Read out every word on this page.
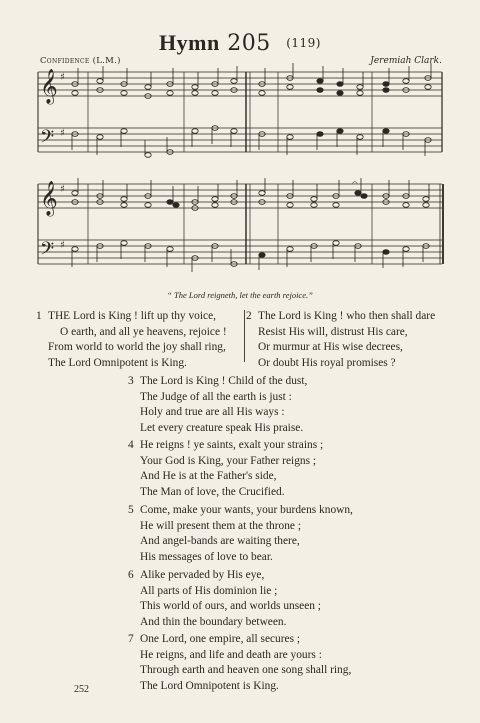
Hymn 205 $^{(119)}$
Confidence (L.M.)	Jeremiah Clark.
𝄞
𝄢
♯
♯
𝄞
𝄢
♯
♯
𝄐
“ The Lord reigneth, let the earth rejoice.”
1 THE Lord is King ! lift up thy voice,
O earth, and all ye heavens, rejoice !
From world to world the joy shall ring,
The Lord Omnipotent is King.
2 The Lord is King ! who then shall dare
Resist His will, distrust His care,
Or murmur at His wise decrees,
Or doubt His royal promises ?
3 The Lord is King ! Child of the dust,
The Judge of all the earth is just :
Holy and true are all His ways :
Let every creature speak His praise.
4 He reigns ! ye saints, exalt your strains ;
Your God is King, your Father reigns ;
And He is at the Father's side,
The Man of love, the Crucified.
5 Come, make your wants, your burdens known,
He will present them at the throne ;
And angel-bands are waiting there,
His messages of love to bear.
6 Alike pervaded by His eye,
All parts of His dominion lie ;
This world of ours, and worlds unseen ;
And thin the boundary between.
7 One Lord, one empire, all secures ;
He reigns, and life and death are yours :
Through earth and heaven one song shall ring,
The Lord Omnipotent is King.
252
